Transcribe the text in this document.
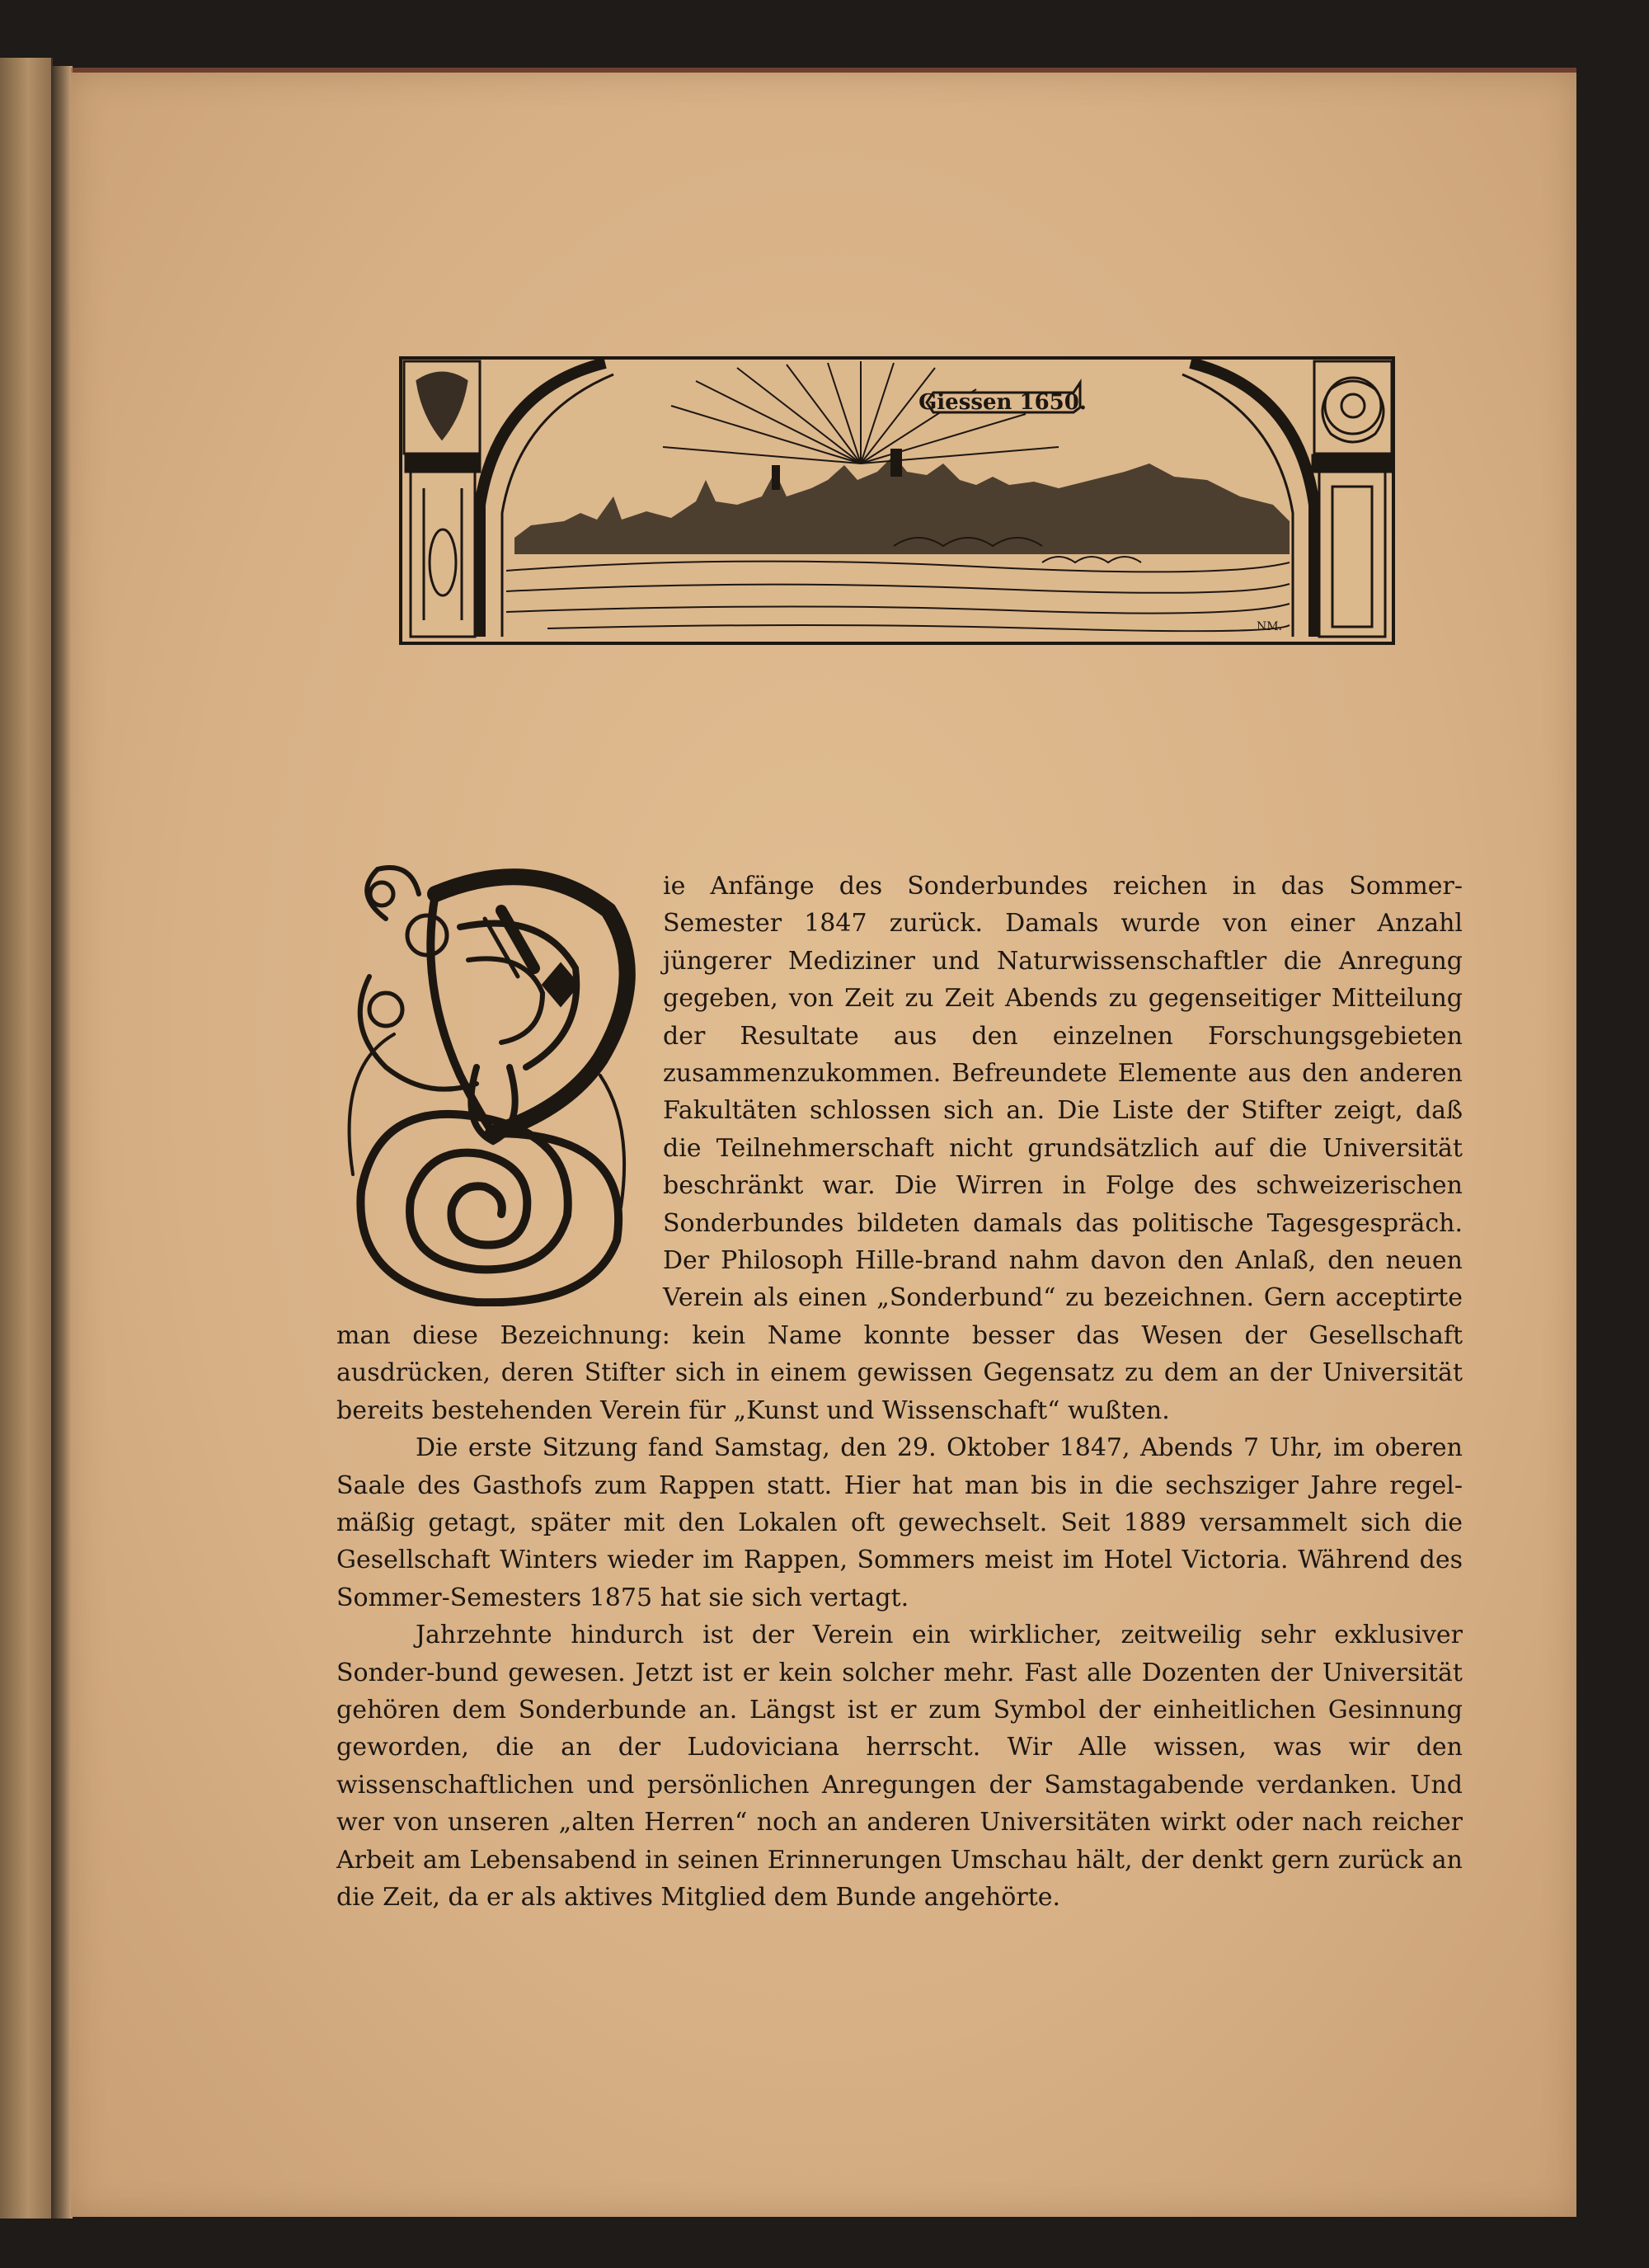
Giessen 1650.
NM.

ie Anfänge des Sonderbundes reichen in das Sommer-Semester 1847 zurück. Damals wurde von einer Anzahl jüngerer Mediziner und Naturwissenschaftler die Anregung gegeben, von Zeit zu Zeit Abends zu gegenseitiger Mitteilung der Resultate aus den einzelnen Forschungsgebieten zusammenzukommen. Befreundete Elemente aus den anderen Fakultäten schlossen sich an. Die Liste der Stifter zeigt, daß die Teilnehmerschaft nicht grundsätzlich auf die Universität beschränkt war. Die Wirren in Folge des schweizerischen Sonderbundes bildeten damals das politische Tagesgespräch. Der Philosoph Hille-brand nahm davon den Anlaß, den neuen Verein als einen „Sonderbund“ zu bezeichnen. Gern acceptirte man diese Bezeichnung: kein Name konnte besser das Wesen der Gesellschaft ausdrücken, deren Stifter sich in einem gewissen Gegensatz zu dem an der Universität bereits bestehenden Verein für „Kunst und Wissenschaft“ wußten.

Die erste Sitzung fand Samstag, den 29. Oktober 1847, Abends 7 Uhr, im oberen Saale des Gasthofs zum Rappen statt. Hier hat man bis in die sechsziger Jahre regel-mäßig getagt, später mit den Lokalen oft gewechselt. Seit 1889 versammelt sich die Gesellschaft Winters wieder im Rappen, Sommers meist im Hotel Victoria. Während des Sommer-Semesters 1875 hat sie sich vertagt.

Jahrzehnte hindurch ist der Verein ein wirklicher, zeitweilig sehr exklusiver Sonder-bund gewesen. Jetzt ist er kein solcher mehr. Fast alle Dozenten der Universität gehören dem Sonderbunde an. Längst ist er zum Symbol der einheitlichen Gesinnung geworden, die an der Ludoviciana herrscht. Wir Alle wissen, was wir den wissenschaftlichen und persönlichen Anregungen der Samstagabende verdanken. Und wer von unseren „alten Herren“ noch an anderen Universitäten wirkt oder nach reicher Arbeit am Lebensabend in seinen Erinnerungen Umschau hält, der denkt gern zurück an die Zeit, da er als aktives Mitglied dem Bunde angehörte.
